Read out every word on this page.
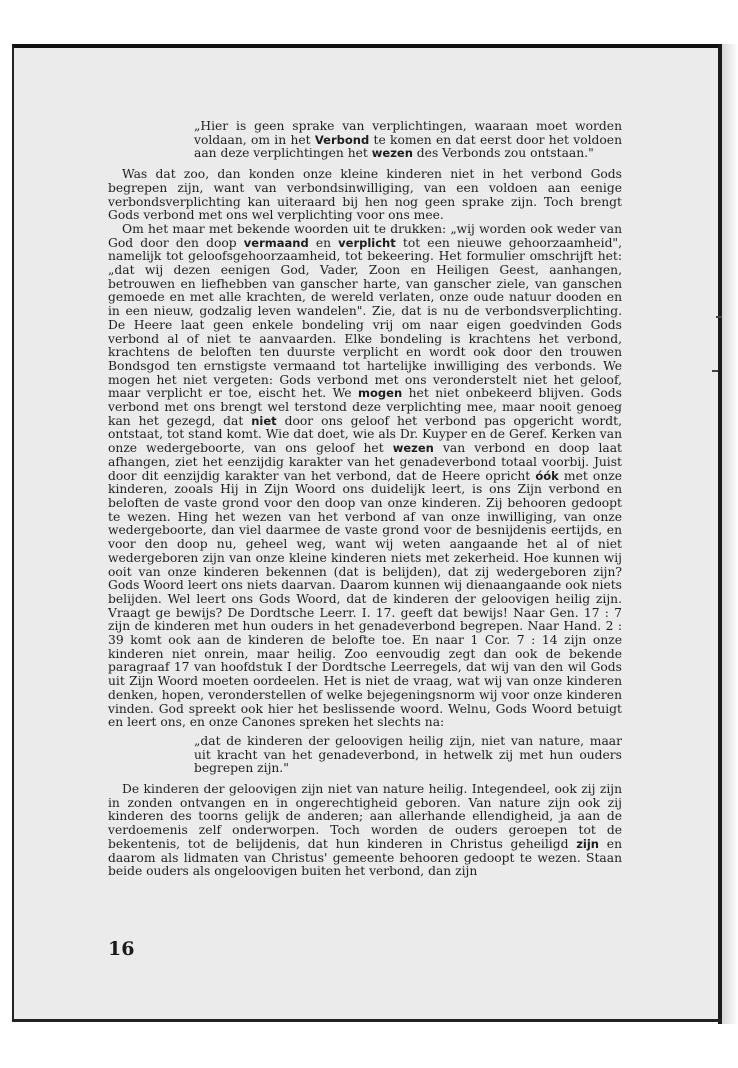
„Hier is geen sprake van verplichtingen, waaraan moet worden voldaan, om in het Verbond te komen en dat eerst door het voldoen aan deze verplichtingen het wezen des Verbonds zou ontstaan."

Was dat zoo, dan konden onze kleine kinderen niet in het verbond Gods begrepen zijn, want van verbondsinwilliging, van een voldoen aan eenige verbondsverplichting kan uiteraard bij hen nog geen sprake zijn. Toch brengt Gods verbond met ons wel verplichting voor ons mee.

Om het maar met bekende woorden uit te drukken: „wij worden ook weder van God door den doop vermaand en verplicht tot een nieuwe gehoorzaamheid", namelijk tot geloofsgehoorzaamheid, tot bekeering. Het formulier omschrijft het: „dat wij dezen eenigen God, Vader, Zoon en Heiligen Geest, aanhangen, betrouwen en liefhebben van ganscher harte, van ganscher ziele, van ganschen gemoede en met alle krachten, de wereld verlaten, onze oude natuur dooden en in een nieuw, godzalig leven wandelen". Zie, dat is nu de verbondsverplichting. De Heere laat geen enkele bondeling vrij om naar eigen goedvinden Gods verbond al of niet te aanvaarden. Elke bondeling is krachtens het verbond, krachtens de beloften ten duurste verplicht en wordt ook door den trouwen Bondsgod ten ernstigste vermaand tot hartelijke inwilliging des verbonds. We mogen het niet vergeten: Gods verbond met ons veronderstelt niet het geloof, maar verplicht er toe, eischt het. We mogen het niet onbekeerd blijven. Gods verbond met ons brengt wel terstond deze verplichting mee, maar nooit genoeg kan het gezegd, dat niet door ons geloof het verbond pas opgericht wordt, ontstaat, tot stand komt. Wie dat doet, wie als Dr. Kuyper en de Geref. Kerken van onze wedergeboorte, van ons geloof het wezen van verbond en doop laat afhangen, ziet het eenzijdig karakter van het genadeverbond totaal voorbij. Juist door dit eenzijdig karakter van het verbond, dat de Heere opricht óók met onze kinderen, zooals Hij in Zijn Woord ons duidelijk leert, is ons Zijn verbond en beloften de vaste grond voor den doop van onze kinderen. Zij behooren gedoopt te wezen. Hing het wezen van het verbond af van onze inwilliging, van onze wedergeboorte, dan viel daarmee de vaste grond voor de besnijdenis eertijds, en voor den doop nu, geheel weg, want wij weten aangaande het al of niet wedergeboren zijn van onze kleine kinderen niets met zekerheid. Hoe kunnen wij ooit van onze kinderen bekennen (dat is belijden), dat zij wedergeboren zijn? Gods Woord leert ons niets daarvan. Daarom kunnen wij dienaangaande ook niets belijden. Wel leert ons Gods Woord, dat de kinderen der geloovigen heilig zijn. Vraagt ge bewijs? De Dordtsche Leerr. I. 17. geeft dat bewijs! Naar Gen. 17 : 7 zijn de kinderen met hun ouders in het genadeverbond begrepen. Naar Hand. 2 : 39 komt ook aan de kinderen de belofte toe. En naar 1 Cor. 7 : 14 zijn onze kinderen niet onrein, maar heilig. Zoo eenvoudig zegt dan ook de bekende paragraaf 17 van hoofdstuk I der Dordtsche Leerregels, dat wij van den wil Gods uit Zijn Woord moeten oordeelen. Het is niet de vraag, wat wij van onze kinderen denken, hopen, veronderstellen of welke bejegeningsnorm wij voor onze kinderen vinden. God spreekt ook hier het beslissende woord. Welnu, Gods Woord betuigt en leert ons, en onze Canones spreken het slechts na:

„dat de kinderen der geloovigen heilig zijn, niet van nature, maar uit kracht van het genadeverbond, in hetwelk zij met hun ouders begrepen zijn."

De kinderen der geloovigen zijn niet van nature heilig. Integendeel, ook zij zijn in zonden ontvangen en in ongerechtigheid geboren. Van nature zijn ook zij kinderen des toorns gelijk de anderen; aan allerhande ellendigheid, ja aan de verdoemenis zelf onderworpen. Toch worden de ouders geroepen tot de bekentenis, tot de belijdenis, dat hun kinderen in Christus geheiligd zijn en daarom als lidmaten van Christus' gemeente behooren gedoopt te wezen. Staan beide ouders als ongeloovigen buiten het verbond, dan zijn

16
